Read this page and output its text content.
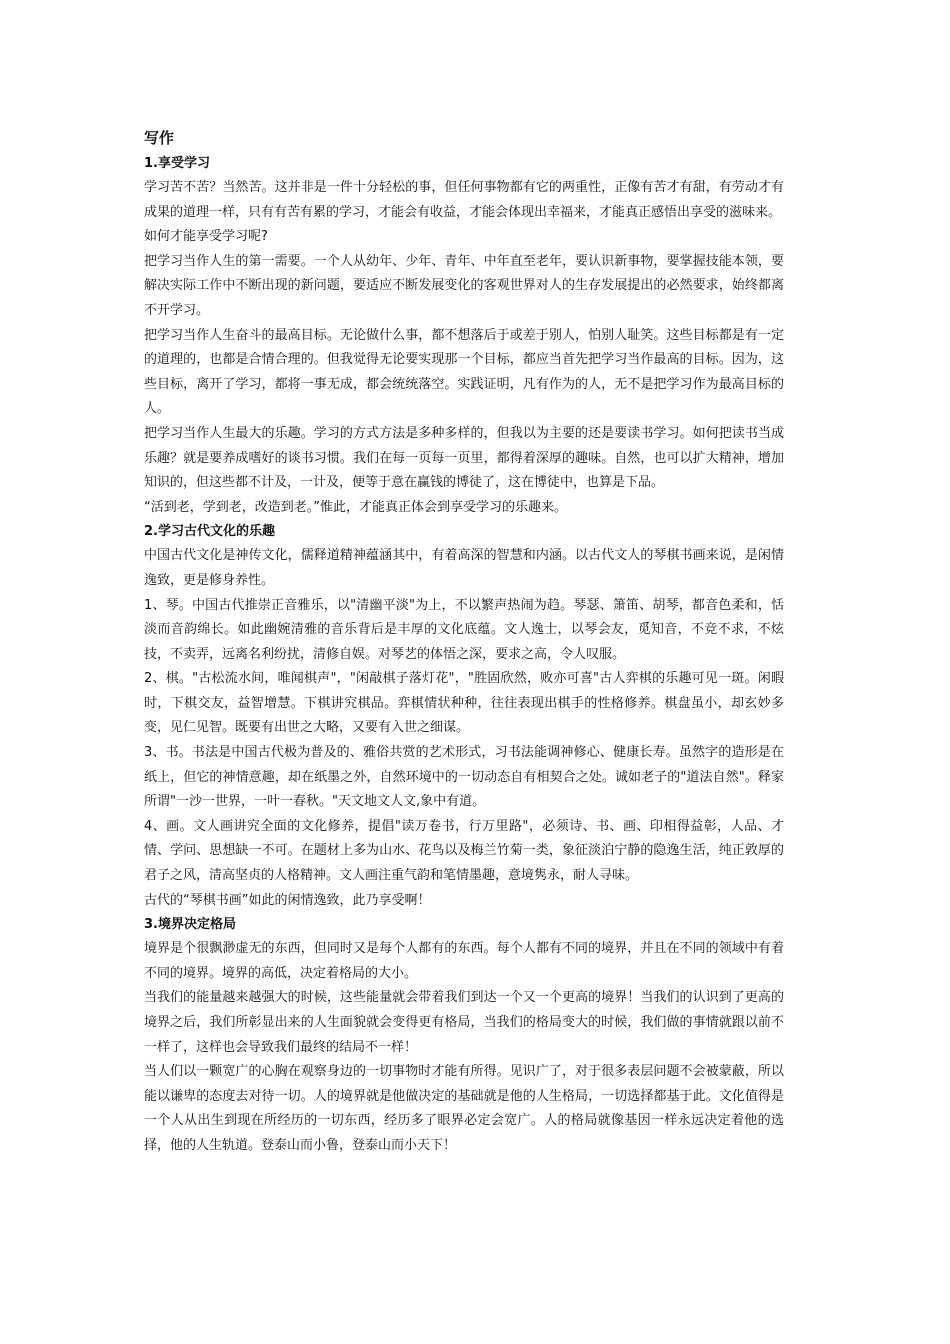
写作
1.享受学习

学习苦不苦？当然苦。这并非是一件十分轻松的事，但任何事物都有它的两重性，正像有苦才有甜，有劳动才有成果的道理一样，只有有苦有累的学习，才能会有收益，才能会体现出幸福来，才能真正感悟出享受的滋味来。

如何才能享受学习呢?

把学习当作人生的第一需要。一个人从幼年、少年、青年、中年直至老年，要认识新事物，要掌握技能本领，要解决实际工作中不断出现的新问题，要适应不断发展变化的客观世界对人的生存发展提出的必然要求，始终都离不开学习。

把学习当作人生奋斗的最高目标。无论做什么事，都不想落后于或差于别人，怕别人耻笑。这些目标都是有一定的道理的，也都是合情合理的。但我觉得无论要实现那一个目标，都应当首先把学习当作最高的目标。因为，这些目标，离开了学习，都将一事无成，都会统统落空。实践证明，凡有作为的人，无不是把学习作为最高目标的人。

把学习当作人生最大的乐趣。学习的方式方法是多种多样的，但我以为主要的还是要读书学习。如何把读书当成乐趣？就是要养成嗜好的谈书习惯。我们在每一页每一页里，都得着深厚的趣味。自然，也可以扩大精神，增加知识的，但这些都不计及，一计及，便等于意在赢钱的博徒了，这在博徒中，也算是下品。

“活到老，学到老，改造到老。”惟此，才能真正体会到享受学习的乐趣来。

2.学习古代文化的乐趣

中国古代文化是神传文化，儒释道精神蕴涵其中，有着高深的智慧和内涵。以古代文人的琴棋书画来说，是闲情逸致，更是修身养性。

1、琴。中国古代推崇正音雅乐，以"清幽平淡"为上，不以繁声热闹为趋。琴瑟、箫笛、胡琴，都音色柔和，恬淡而音韵绵长。如此幽婉清雅的音乐背后是丰厚的文化底蕴。文人逸士，以琴会友，觅知音，不竞不求，不炫技，不卖弄，远离名利纷扰，清修自娱。对琴艺的体悟之深，要求之高，令人叹服。

2、棋。"古松流水间，唯闻棋声"，"闲敲棋子落灯花"，"胜固欣然，败亦可喜"古人弈棋的乐趣可见一斑。闲暇时，下棋交友，益智增慧。下棋讲究棋品。弈棋情状种种，往往表现出棋手的性格修养。棋盘虽小，却玄妙多变，见仁见智。既要有出世之大略，又要有入世之细谋。

3、书。书法是中国古代极为普及的、雅俗共赏的艺术形式，习书法能调神修心、健康长寿。虽然字的造形是在纸上，但它的神情意趣，却在纸墨之外，自然环境中的一切动态自有相契合之处。诚如老子的"道法自然"。释家所谓"一沙一世界，一叶一春秋。"天文地文人文,象中有道。

4、画。文人画讲究全面的文化修养，提倡"读万卷书，行万里路"，必须诗、书、画、印相得益彰，人品、才情、学问、思想缺一不可。在题材上多为山水、花鸟以及梅兰竹菊一类，象征淡泊宁静的隐逸生活，纯正敦厚的君子之风，清高坚贞的人格精神。文人画注重气韵和笔情墨趣，意境隽永，耐人寻味。

古代的“琴棋书画”如此的闲情逸致，此乃享受啊！

3.境界决定格局

境界是个很飘渺虚无的东西，但同时又是每个人都有的东西。每个人都有不同的境界，并且在不同的领域中有着不同的境界。境界的高低，决定着格局的大小。

当我们的能量越来越强大的时候，这些能量就会带着我们到达一个又一个更高的境界！当我们的认识到了更高的境界之后，我们所彰显出来的人生面貌就会变得更有格局，当我们的格局变大的时候，我们做的事情就跟以前不一样了，这样也会导致我们最终的结局不一样！

当人们以一颗宽广的心胸在观察身边的一切事物时才能有所得。见识广了，对于很多表层问题不会被蒙蔽，所以能以谦卑的态度去对待一切。人的境界就是他做决定的基础就是他的人生格局，一切选择都基于此。文化值得是一个人从出生到现在所经历的一切东西，经历多了眼界必定会宽广。人的格局就像基因一样永远决定着他的选择，他的人生轨道。登泰山而小鲁，登泰山而小天下！
